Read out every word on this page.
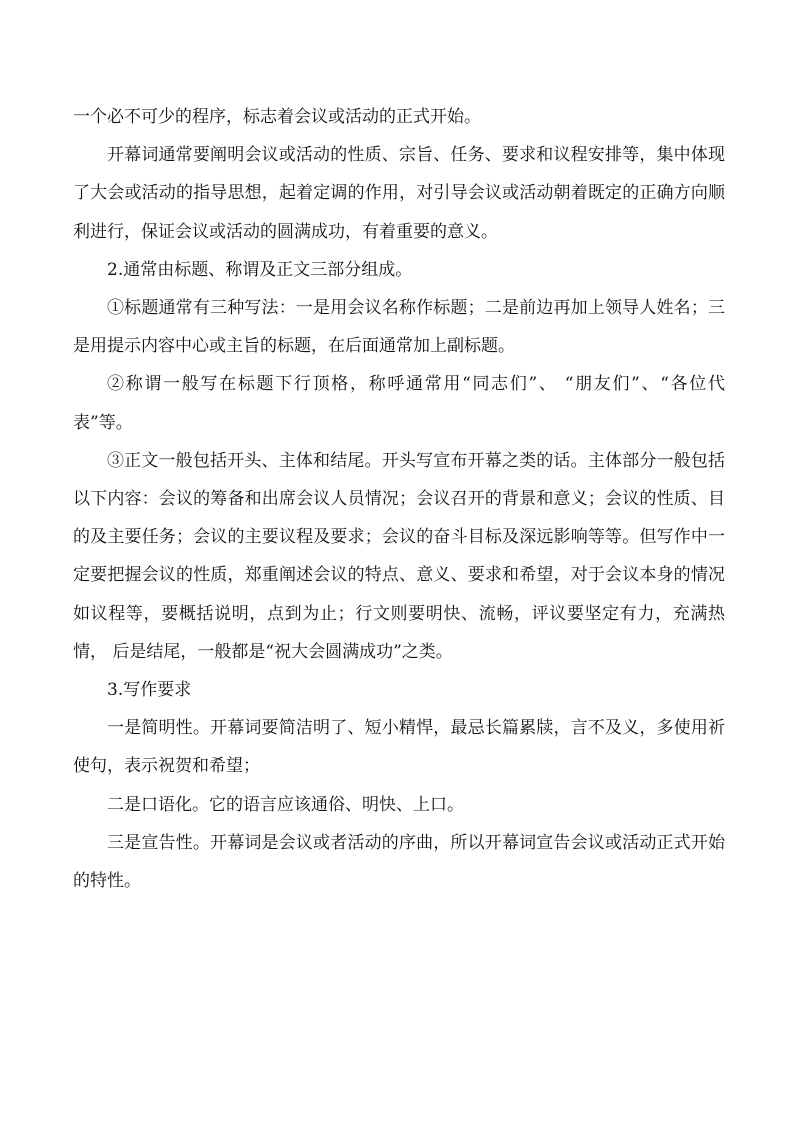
一个必不可少的程序，标志着会议或活动的正式开始。

开幕词通常要阐明会议或活动的性质、宗旨、任务、要求和议程安排等，集中体现了大会或活动的指导思想，起着定调的作用，对引导会议或活动朝着既定的正确方向顺利进行，保证会议或活动的圆满成功，有着重要的意义。

2.通常由标题、称谓及正文三部分组成。

①标题通常有三种写法：一是用会议名称作标题；二是前边再加上领导人姓名；三是用提示内容中心或主旨的标题，在后面通常加上副标题。

②称谓一般写在标题下行顶格，称呼通常用“同志们”、 “朋友们”、“各位代表”等。

③正文一般包括开头、主体和结尾。开头写宣布开幕之类的话。主体部分一般包括以下内容：会议的筹备和出席会议人员情况；会议召开的背景和意义；会议的性质、目的及主要任务；会议的主要议程及要求；会议的奋斗目标及深远影响等等。但写作中一定要把握会议的性质，郑重阐述会议的特点、意义、要求和希望，对于会议本身的情况如议程等，要概括说明，点到为止；行文则要明快、流畅，评议要坚定有力，充满热情， 后是结尾，一般都是“祝大会圆满成功”之类。

3.写作要求

一是简明性。开幕词要简洁明了、短小精悍，最忌长篇累牍，言不及义，多使用祈使句，表示祝贺和希望；

二是口语化。它的语言应该通俗、明快、上口。

三是宣告性。开幕词是会议或者活动的序曲，所以开幕词宣告会议或活动正式开始的特性。
